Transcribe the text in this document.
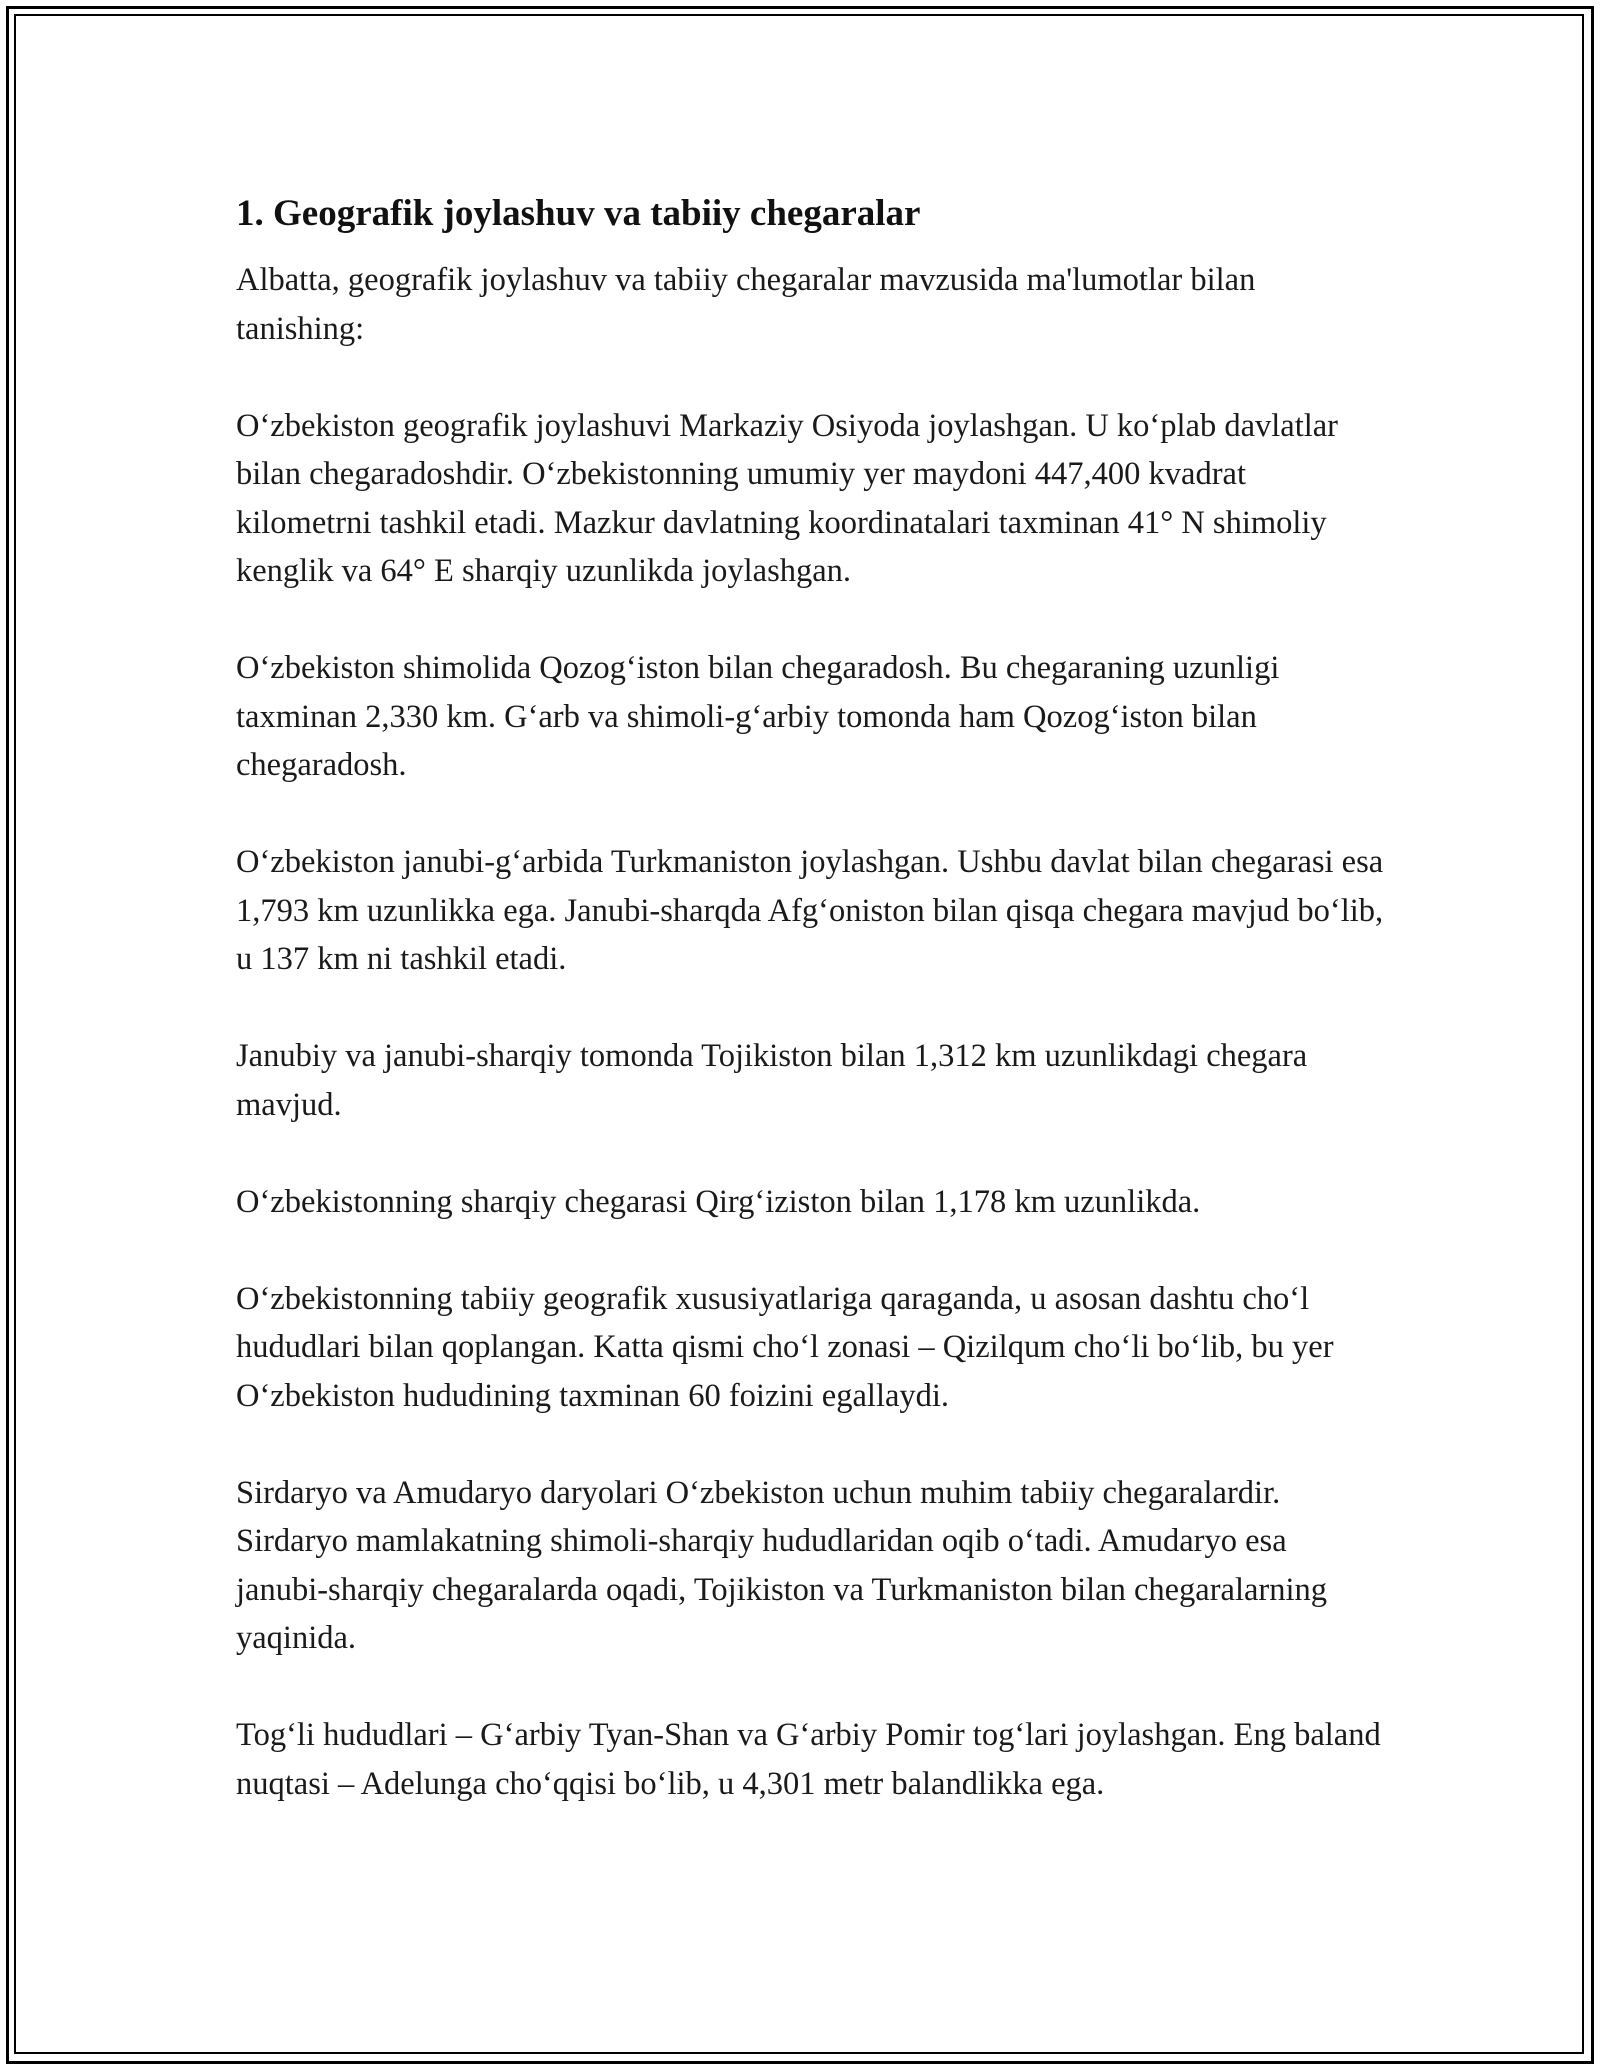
1. Geografik joylashuv va tabiiy chegaralar

Albatta, geografik joylashuv va tabiiy chegaralar mavzusida ma'lumotlar bilan tanishing:

O‘zbekiston geografik joylashuvi Markaziy Osiyoda joylashgan. U ko‘plab davlatlar bilan chegaradoshdir. O‘zbekistonning umumiy yer maydoni 447,400 kvadrat kilometrni tashkil etadi. Mazkur davlatning koordinatalari taxminan 41° N shimoliy kenglik va 64° E sharqiy uzunlikda joylashgan.

O‘zbekiston shimolida Qozog‘iston bilan chegaradosh. Bu chegaraning uzunligi taxminan 2,330 km. G‘arb va shimoli-g‘arbiy tomonda ham Qozog‘iston bilan chegaradosh.

O‘zbekiston janubi-g‘arbida Turkmaniston joylashgan. Ushbu davlat bilan chegarasi esa 1,793 km uzunlikka ega. Janubi-sharqda Afg‘oniston bilan qisqa chegara mavjud bo‘lib, u 137 km ni tashkil etadi.

Janubiy va janubi-sharqiy tomonda Tojikiston bilan 1,312 km uzunlikdagi chegara mavjud.

O‘zbekistonning sharqiy chegarasi Qirg‘iziston bilan 1,178 km uzunlikda.

O‘zbekistonning tabiiy geografik xususiyatlariga qaraganda, u asosan dashtu cho‘l hududlari bilan qoplangan. Katta qismi cho‘l zonasi – Qizilqum cho‘li bo‘lib, bu yer O‘zbekiston hududining taxminan 60 foizini egallaydi.

Sirdaryo va Amudaryo daryolari O‘zbekiston uchun muhim tabiiy chegaralardir. Sirdaryo mamlakatning shimoli-sharqiy hududlaridan oqib o‘tadi. Amudaryo esa janubi-sharqiy chegaralarda oqadi, Tojikiston va Turkmaniston bilan chegaralarning yaqinida.

Tog‘li hududlari – G‘arbiy Tyan-Shan va G‘arbiy Pomir tog‘lari joylashgan. Eng baland nuqtasi – Adelunga cho‘qqisi bo‘lib, u 4,301 metr balandlikka ega.
